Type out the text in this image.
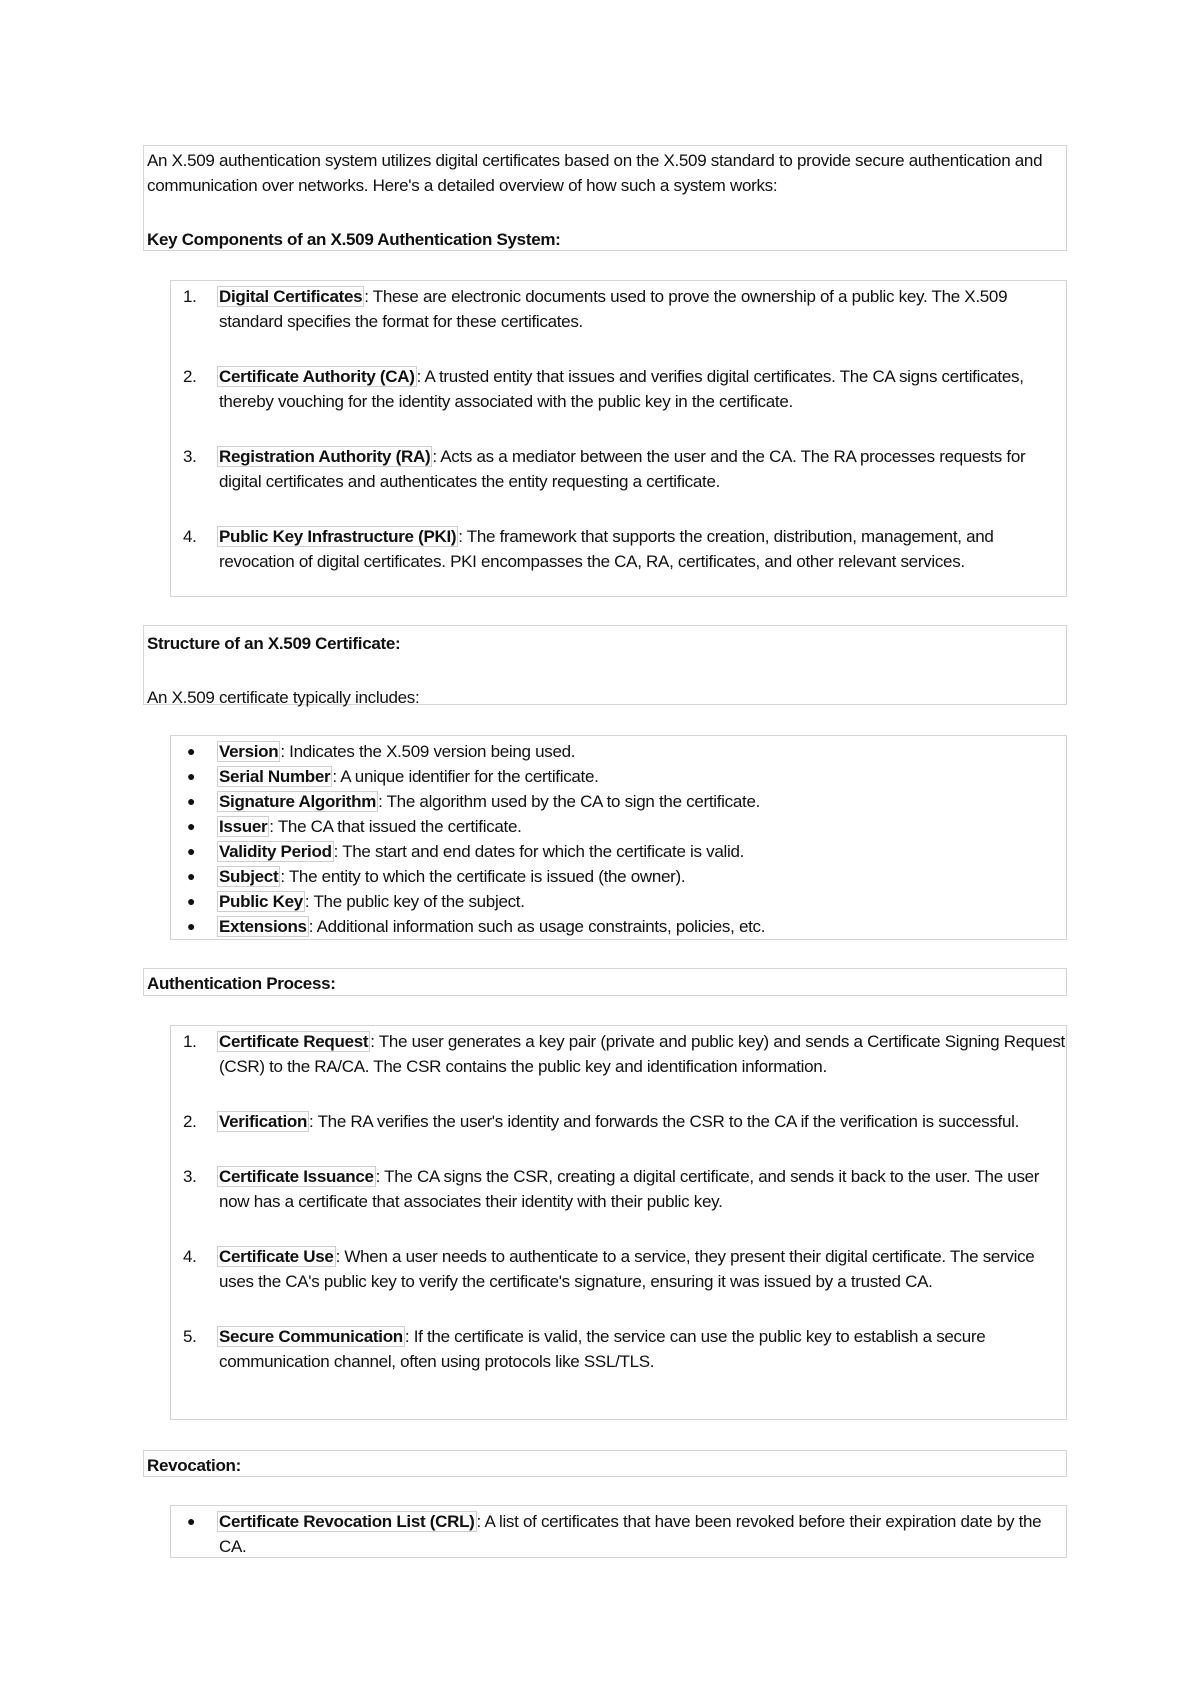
An X.509 authentication system utilizes digital certificates based on the X.509 standard to provide secure authentication and communication over networks. Here's a detailed overview of how such a system works:

Key Components of an X.509 Authentication System:

1. Digital Certificates : These are electronic documents used to prove the ownership of a public key. The X.509 standard specifies the format for these certificates.
2. Certificate Authority (CA) : A trusted entity that issues and verifies digital certificates. The CA signs certificates, thereby vouching for the identity associated with the public key in the certificate.
3. Registration Authority (RA) : Acts as a mediator between the user and the CA. The RA processes requests for digital certificates and authenticates the entity requesting a certificate.
4. Public Key Infrastructure (PKI) : The framework that supports the creation, distribution, management, and revocation of digital certificates. PKI encompasses the CA, RA, certificates, and other relevant services.

Structure of an X.509 Certificate:

An X.509 certificate typically includes:

● Version : Indicates the X.509 version being used.
● Serial Number : A unique identifier for the certificate.
● Signature Algorithm : The algorithm used by the CA to sign the certificate.
● Issuer : The CA that issued the certificate.
● Validity Period : The start and end dates for which the certificate is valid.
● Subject : The entity to which the certificate is issued (the owner).
● Public Key : The public key of the subject.
● Extensions : Additional information such as usage constraints, policies, etc.

Authentication Process:

1. Certificate Request : The user generates a key pair (private and public key) and sends a Certificate Signing Request (CSR) to the RA/CA. The CSR contains the public key and identification information.
2. Verification : The RA verifies the user's identity and forwards the CSR to the CA if the verification is successful.
3. Certificate Issuance : The CA signs the CSR, creating a digital certificate, and sends it back to the user. The user now has a certificate that associates their identity with their public key.
4. Certificate Use : When a user needs to authenticate to a service, they present their digital certificate. The service uses the CA's public key to verify the certificate's signature, ensuring it was issued by a trusted CA.
5. Secure Communication : If the certificate is valid, the service can use the public key to establish a secure communication channel, often using protocols like SSL/TLS.

Revocation:

● Certificate Revocation List (CRL) : A list of certificates that have been revoked before their expiration date by the CA.
